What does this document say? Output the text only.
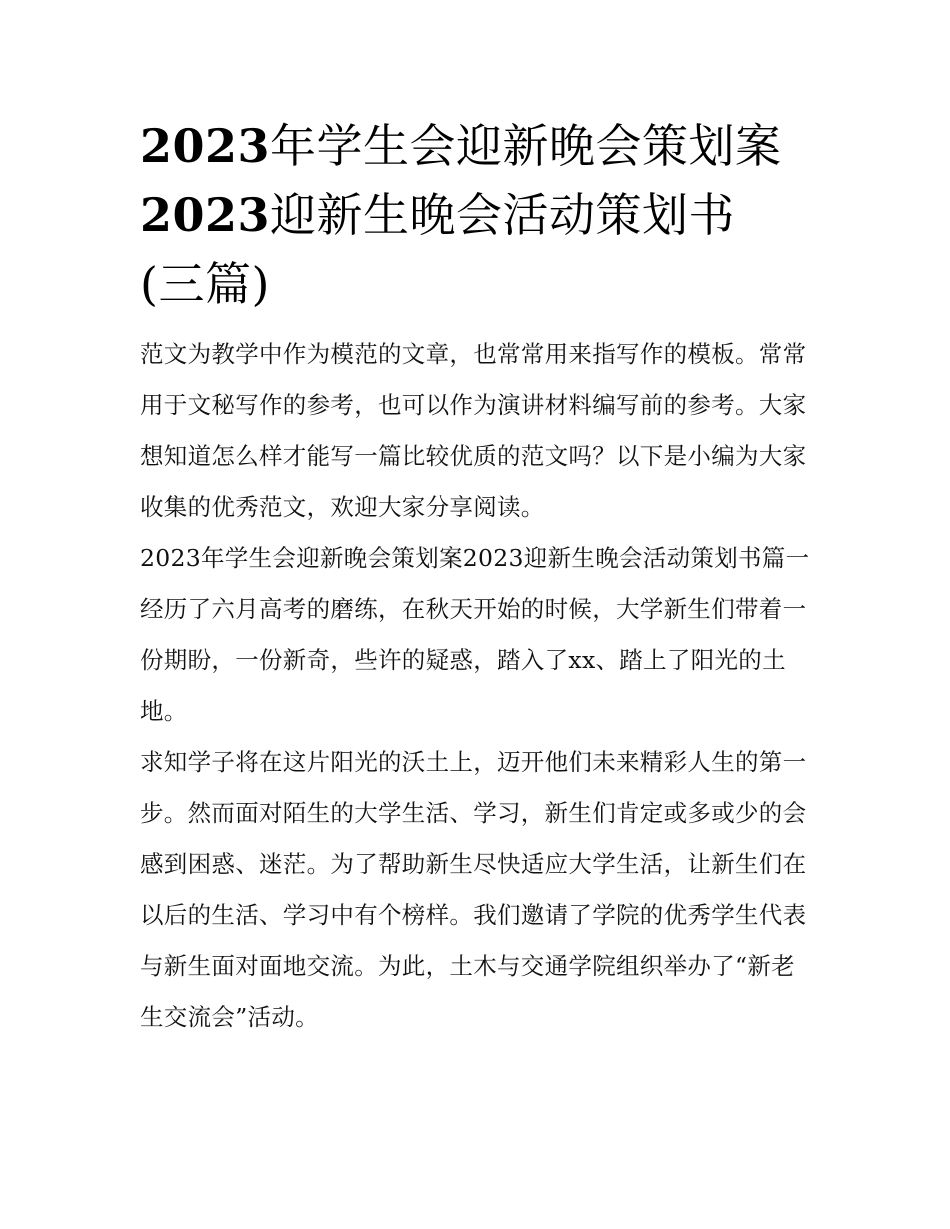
2023年学生会迎新晚会策划案
2023迎新生晚会活动策划书
(三篇)

范文为教学中作为模范的文章，也常常用来指写作的模板。常常用于文秘写作的参考，也可以作为演讲材料编写前的参考。大家想知道怎么样才能写一篇比较优质的范文吗？以下是小编为大家收集的优秀范文，欢迎大家分享阅读。

2023年学生会迎新晚会策划案2023迎新生晚会活动策划书篇一

经历了六月高考的磨练，在秋天开始的时候，大学新生们带着一份期盼，一份新奇，些许的疑惑，踏入了xx、踏上了阳光的土地。

求知学子将在这片阳光的沃土上，迈开他们未来精彩人生的第一步。然而面对陌生的大学生活、学习，新生们肯定或多或少的会感到困惑、迷茫。为了帮助新生尽快适应大学生活，让新生们在以后的生活、学习中有个榜样。我们邀请了学院的优秀学生代表与新生面对面地交流。为此，土木与交通学院组织举办了“新老生交流会”活动。
